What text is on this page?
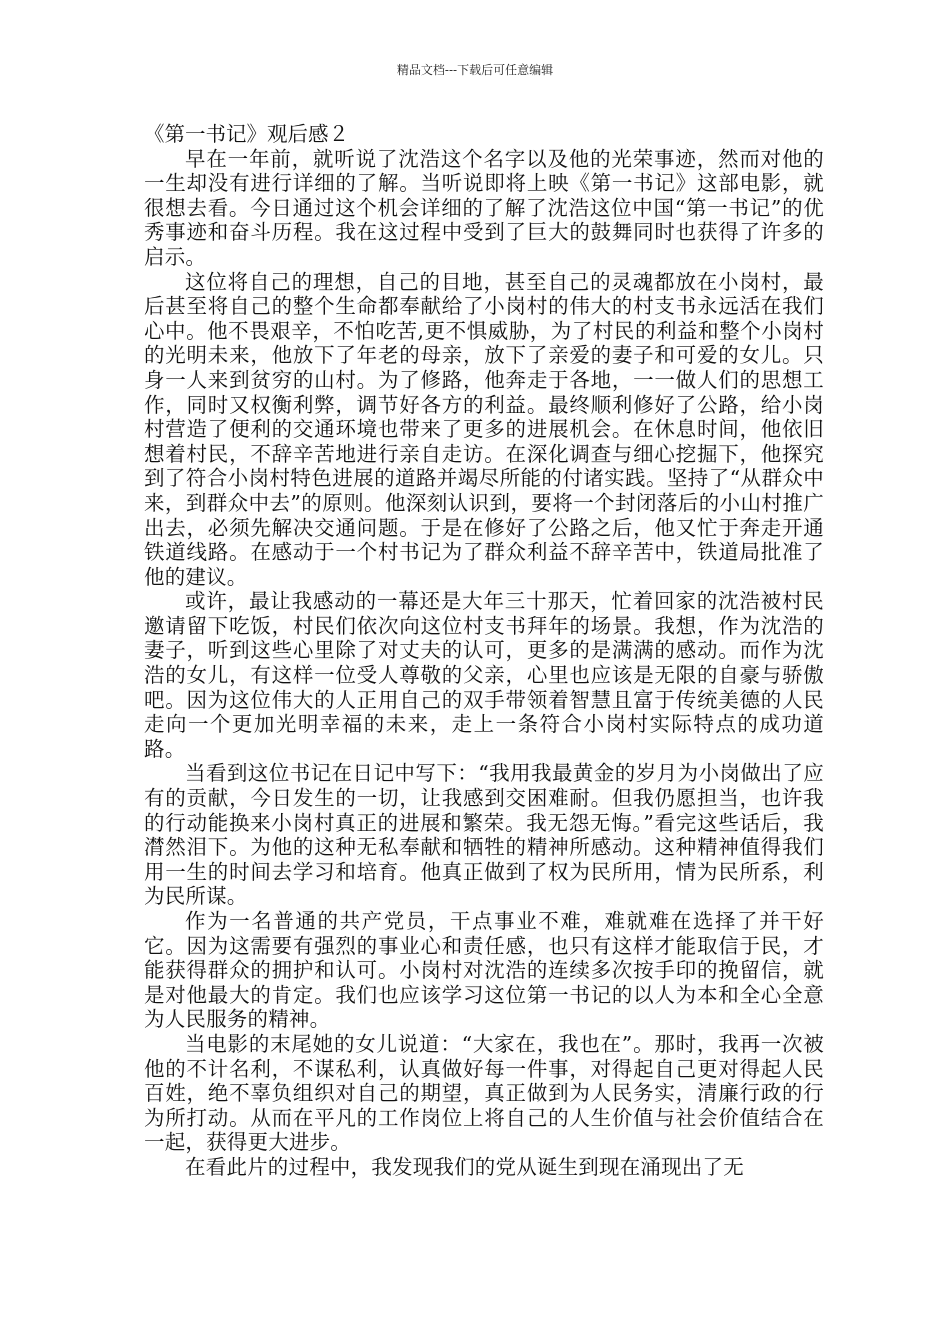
精品文档---下载后可任意编辑

《第一书记》观后感２

早在一年前，就听说了沈浩这个名字以及他的光荣事迹，然而对他的一生却没有进行详细的了解。当听说即将上映《第一书记》这部电影，就很想去看。今日通过这个机会详细的了解了沈浩这位中国“第一书记”的优秀事迹和奋斗历程。我在这过程中受到了巨大的鼓舞同时也获得了许多的启示。

这位将自己的理想，自己的目地，甚至自己的灵魂都放在小岗村，最后甚至将自己的整个生命都奉献给了小岗村的伟大的村支书永远活在我们心中。他不畏艰辛，不怕吃苦,更不惧威胁，为了村民的利益和整个小岗村的光明未来，他放下了年老的母亲，放下了亲爱的妻子和可爱的女儿。只身一人来到贫穷的山村。为了修路，他奔走于各地，一一做人们的思想工作，同时又权衡利弊，调节好各方的利益。最终顺利修好了公路，给小岗村营造了便利的交通环境也带来了更多的进展机会。在休息时间，他依旧想着村民，不辞辛苦地进行亲自走访。在深化调查与细心挖掘下，他探究到了符合小岗村特色进展的道路并竭尽所能的付诸实践。坚持了“从群众中来，到群众中去”的原则。他深刻认识到，要将一个封闭落后的小山村推广出去，必须先解决交通问题。于是在修好了公路之后，他又忙于奔走开通铁道线路。在感动于一个村书记为了群众利益不辞辛苦中，铁道局批准了他的建议。

或许，最让我感动的一幕还是大年三十那天，忙着回家的沈浩被村民邀请留下吃饭，村民们依次向这位村支书拜年的场景。我想，作为沈浩的妻子，听到这些心里除了对丈夫的认可，更多的是满满的感动。而作为沈浩的女儿，有这样一位受人尊敬的父亲，心里也应该是无限的自豪与骄傲吧。因为这位伟大的人正用自己的双手带领着智慧且富于传统美德的人民走向一个更加光明幸福的未来，走上一条符合小岗村实际特点的成功道路。

当看到这位书记在日记中写下：“我用我最黄金的岁月为小岗做出了应有的贡献，今日发生的一切，让我感到交困难耐。但我仍愿担当，也许我的行动能换来小岗村真正的进展和繁荣。我无怨无悔。”看完这些话后，我潸然泪下。为他的这种无私奉献和牺牲的精神所感动。这种精神值得我们用一生的时间去学习和培育。他真正做到了权为民所用，情为民所系，利为民所谋。

作为一名普通的共产党员，干点事业不难，难就难在选择了并干好它。因为这需要有强烈的事业心和责任感，也只有这样才能取信于民，才能获得群众的拥护和认可。小岗村对沈浩的连续多次按手印的挽留信，就是对他最大的肯定。我们也应该学习这位第一书记的以人为本和全心全意为人民服务的精神。

当电影的末尾她的女儿说道：“大家在，我也在”。那时，我再一次被他的不计名利，不谋私利，认真做好每一件事，对得起自己更对得起人民百姓，绝不辜负组织对自己的期望，真正做到为人民务实，清廉行政的行为所打动。从而在平凡的工作岗位上将自己的人生价值与社会价值结合在一起，获得更大进步。

在看此片的过程中，我发现我们的党从诞生到现在涌现出了无
